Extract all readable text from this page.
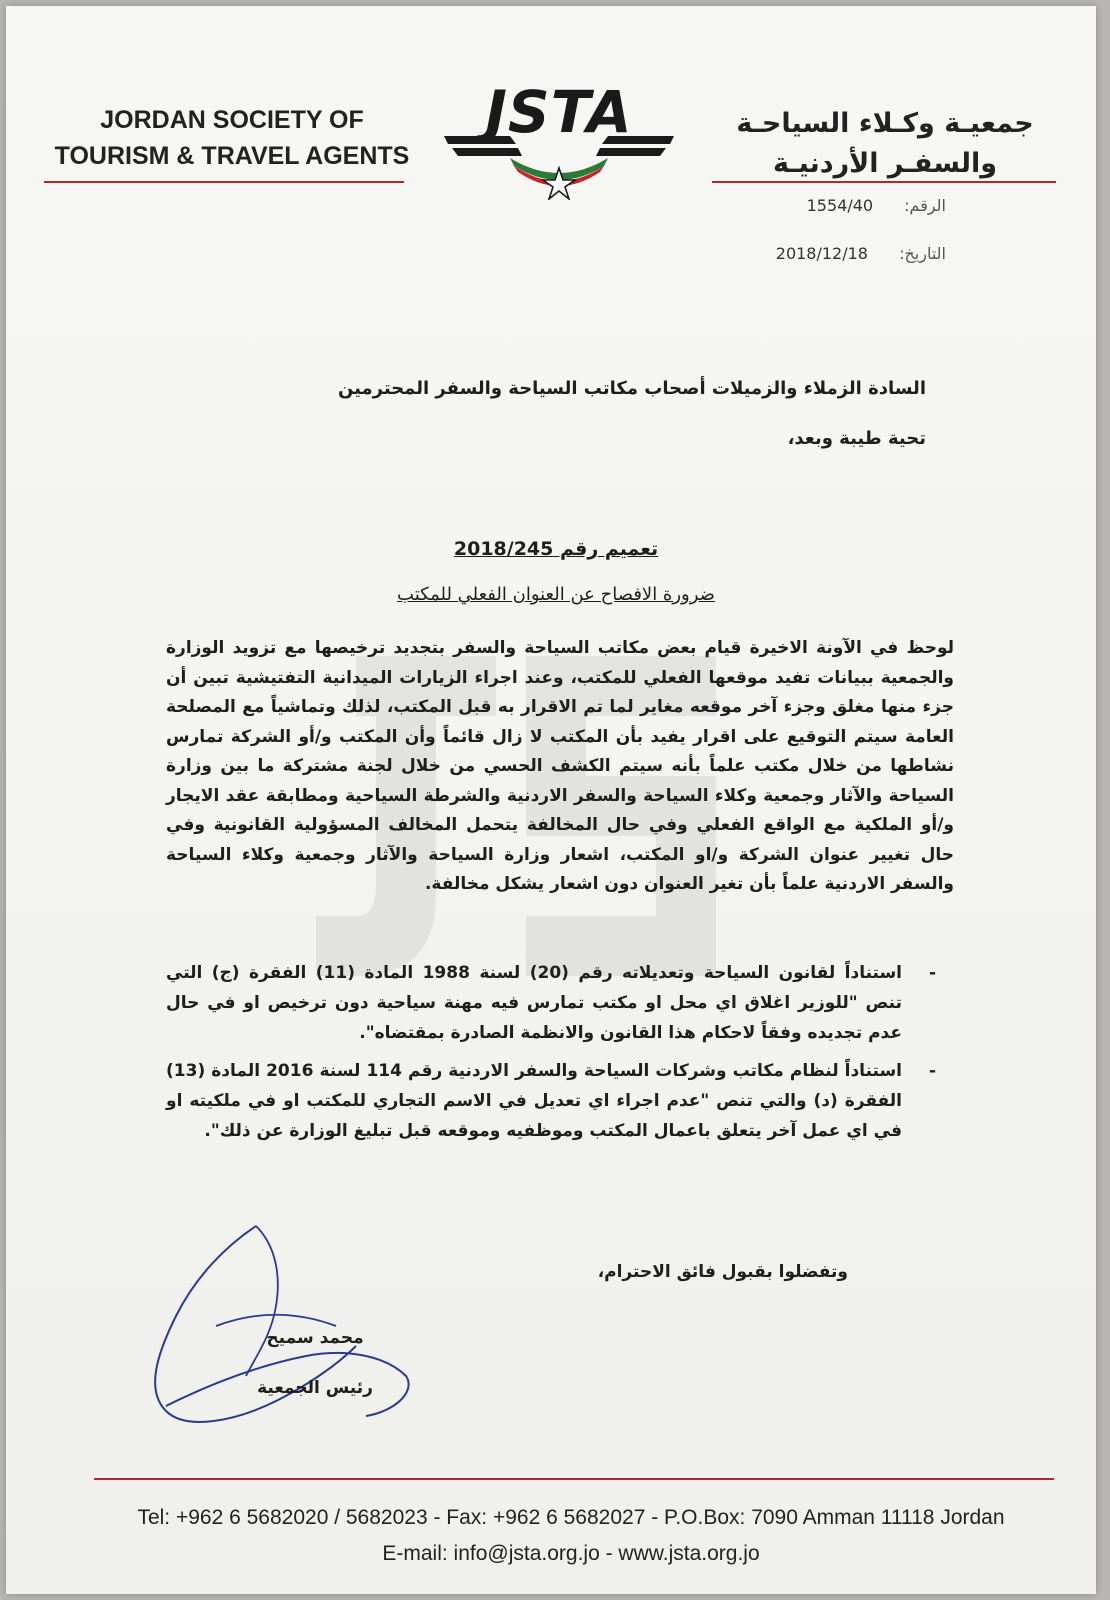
JORDAN SOCIETY OF
TOURISM & TRAVEL AGENTS
JSTA	جمعيـة وكـلاء السياحـة
والسفـر الأردنيـة
الرقم: 1554/40
التاريخ: 2018/12/18
السادة الزملاء والزميلات أصحاب مكاتب السياحة والسفر المحترمين
تحية طيبة وبعد،
تعميم رقم 2018/245
ضرورة الافصاح عن العنوان الفعلي للمكتب
لوحظ في الآونة الاخيرة قيام بعض مكاتب السياحة والسفر بتجديد ترخيصها مع تزويد الوزارة والجمعية ببيانات تفيد موقعها الفعلي للمكتب، وعند اجراء الزيارات الميدانية التفتيشية تبين أن جزء منها مغلق وجزء آخر موقعه مغاير لما تم الاقرار به قبل المكتب، لذلك وتماشياً مع المصلحة العامة سيتم التوقيع على اقرار يفيد بأن المكتب لا زال قائماً وأن المكتب و/أو الشركة تمارس نشاطها من خلال مكتب علماً بأنه سيتم الكشف الحسي من خلال لجنة مشتركة ما بين وزارة السياحة والآثار وجمعية وكلاء السياحة والسفر الاردنية والشرطة السياحية ومطابقة عقد الايجار و/أو الملكية مع الواقع الفعلي وفي حال المخالفة يتحمل المخالف المسؤولية القانونية وفي حال تغيير عنوان الشركة و/او المكتب، اشعار وزارة السياحة والآثار وجمعية وكلاء السياحة والسفر الاردنية علماً بأن تغير العنوان دون اشعار يشكل مخالفة.
-
استناداً لقانون السياحة وتعديلاته رقم (20) لسنة 1988 المادة (11) الفقرة (ج) التي تنص "للوزير اغلاق اي محل او مكتب تمارس فيه مهنة سياحية دون ترخيص او في حال عدم تجديده وفقاً لاحكام هذا القانون والانظمة الصادرة بمقتضاه".
-
استناداً لنظام مكاتب وشركات السياحة والسفر الاردنية رقم 114 لسنة 2016 المادة (13) الفقرة (د) والتي تنص "عدم اجراء اي تعديل في الاسم التجاري للمكتب او في ملكيته او في اي عمل آخر يتعلق باعمال المكتب وموظفيه وموقعه قبل تبليغ الوزارة عن ذلك".
وتفضلوا بقبول فائق الاحترام،
محمد سميح
رئيس الجمعية
Tel: +962 6 5682020 / 5682023 - Fax: +962 6 5682027 - P.O.Box: 7090 Amman 11118 Jordan
E-mail: info@jsta.org.jo - www.jsta.org.jo
